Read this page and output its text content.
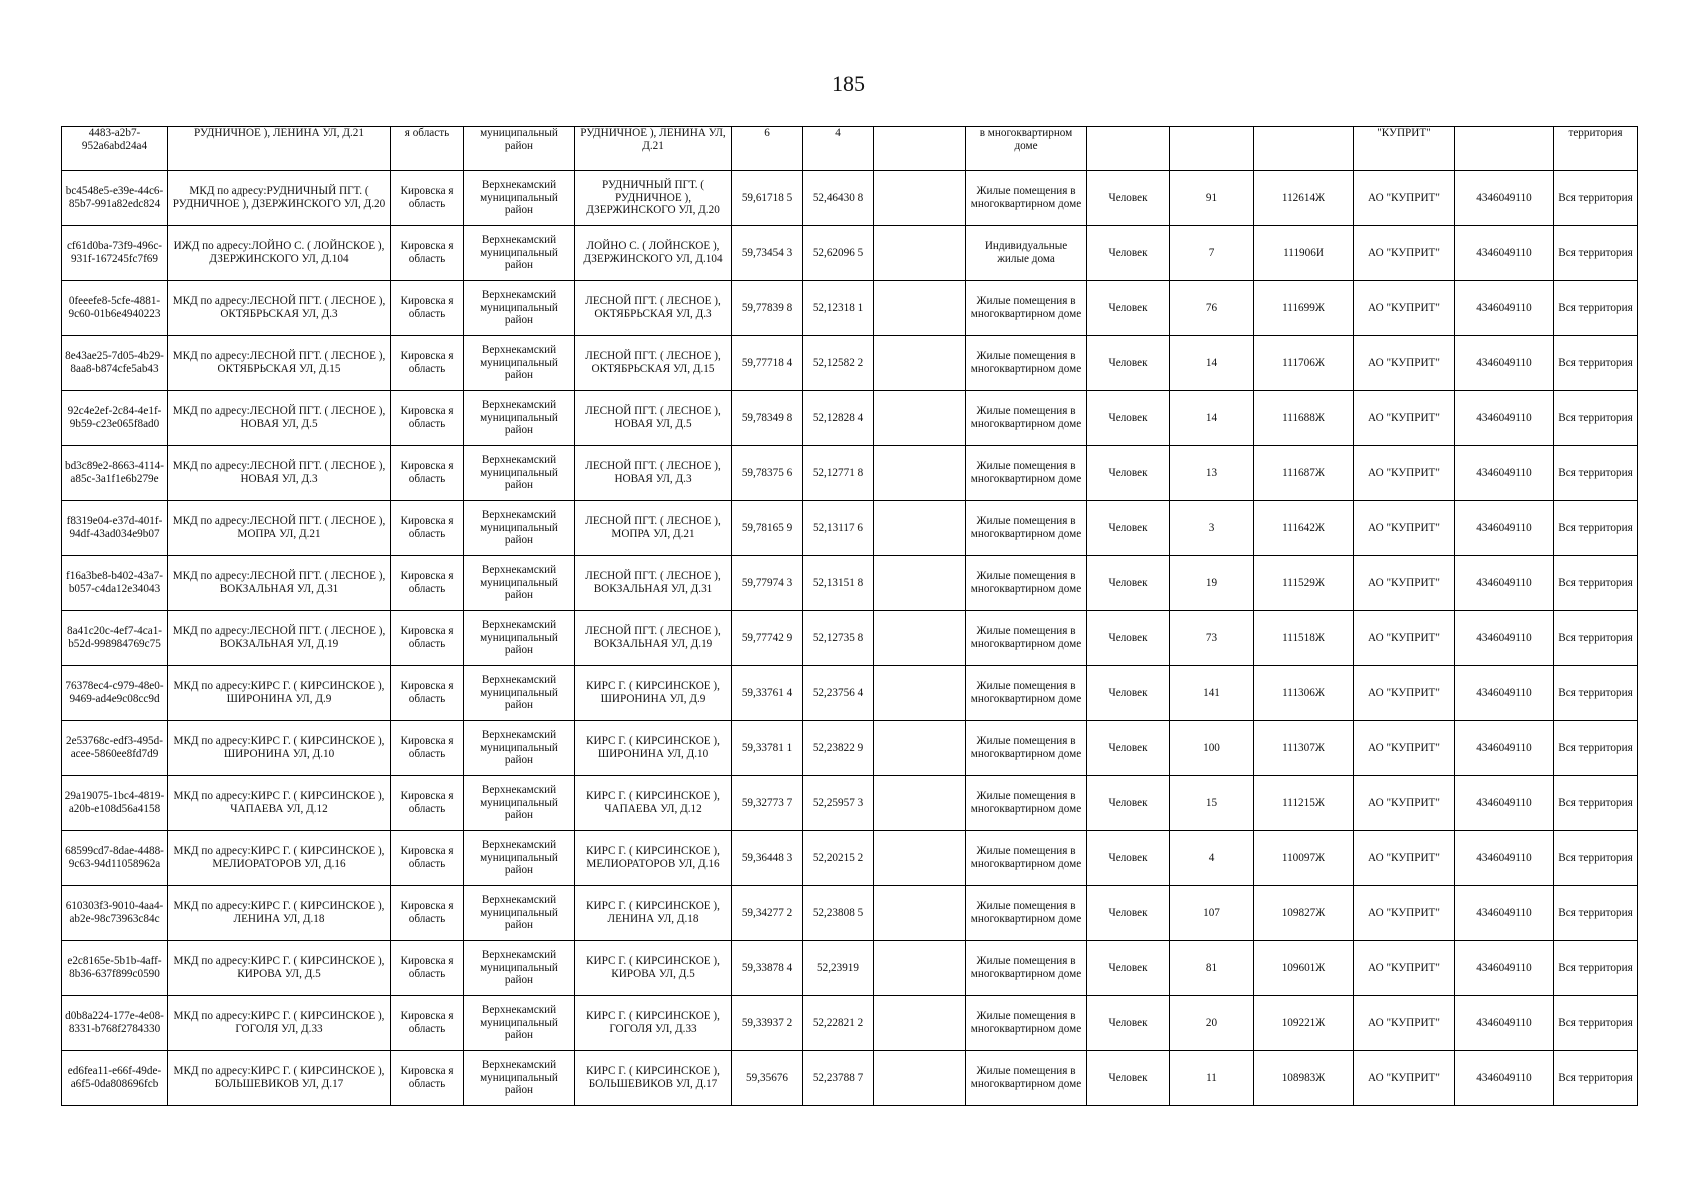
185
4483-a2b7-952a6abd24a4	РУДНИЧНОЕ ), ЛЕНИНА УЛ, Д.21	я область	муниципальный район	РУДНИЧНОЕ ), ЛЕНИНА УЛ, Д.21	6	4		в многоквартирном доме				"КУПРИТ"		территория
bc4548e5-e39e-44c6-85b7-991a82edc824	МКД по адресу:РУДНИЧНЫЙ ПГТ. ( РУДНИЧНОЕ ), ДЗЕРЖИНСКОГО УЛ, Д.20	Кировска я область	Верхнекамский муниципальный район	РУДНИЧНЫЙ ПГТ. ( РУДНИЧНОЕ ), ДЗЕРЖИНСКОГО УЛ, Д.20	59,61718 5	52,46430 8		Жилые помещения в многоквартирном доме	Человек	91	112614Ж	АО "КУПРИТ"	4346049110	Вся территория
cf61d0ba-73f9-496c-931f-167245fc7f69	ИЖД по адресу:ЛОЙНО С. ( ЛОЙНСКОЕ ), ДЗЕРЖИНСКОГО УЛ, Д.104	Кировска я область	Верхнекамский муниципальный район	ЛОЙНО С. ( ЛОЙНСКОЕ ), ДЗЕРЖИНСКОГО УЛ, Д.104	59,73454 3	52,62096 5		Индивидуальные жилые дома	Человек	7	111906И	АО "КУПРИТ"	4346049110	Вся территория
0feeefe8-5cfe-4881-9c60-01b6e4940223	МКД по адресу:ЛЕСНОЙ ПГТ. ( ЛЕСНОЕ ), ОКТЯБРЬСКАЯ УЛ, Д.3	Кировска я область	Верхнекамский муниципальный район	ЛЕСНОЙ ПГТ. ( ЛЕСНОЕ ), ОКТЯБРЬСКАЯ УЛ, Д.3	59,77839 8	52,12318 1		Жилые помещения в многоквартирном доме	Человек	76	111699Ж	АО "КУПРИТ"	4346049110	Вся территория
8e43ae25-7d05-4b29-8aa8-b874cfe5ab43	МКД по адресу:ЛЕСНОЙ ПГТ. ( ЛЕСНОЕ ), ОКТЯБРЬСКАЯ УЛ, Д.15	Кировска я область	Верхнекамский муниципальный район	ЛЕСНОЙ ПГТ. ( ЛЕСНОЕ ), ОКТЯБРЬСКАЯ УЛ, Д.15	59,77718 4	52,12582 2		Жилые помещения в многоквартирном доме	Человек	14	111706Ж	АО "КУПРИТ"	4346049110	Вся территория
92c4e2ef-2c84-4e1f-9b59-c23e065f8ad0	МКД по адресу:ЛЕСНОЙ ПГТ. ( ЛЕСНОЕ ), НОВАЯ УЛ, Д.5	Кировска я область	Верхнекамский муниципальный район	ЛЕСНОЙ ПГТ. ( ЛЕСНОЕ ), НОВАЯ УЛ, Д.5	59,78349 8	52,12828 4		Жилые помещения в многоквартирном доме	Человек	14	111688Ж	АО "КУПРИТ"	4346049110	Вся территория
bd3c89e2-8663-4114-a85c-3a1f1e6b279e	МКД по адресу:ЛЕСНОЙ ПГТ. ( ЛЕСНОЕ ), НОВАЯ УЛ, Д.3	Кировска я область	Верхнекамский муниципальный район	ЛЕСНОЙ ПГТ. ( ЛЕСНОЕ ), НОВАЯ УЛ, Д.3	59,78375 6	52,12771 8		Жилые помещения в многоквартирном доме	Человек	13	111687Ж	АО "КУПРИТ"	4346049110	Вся территория
f8319e04-e37d-401f-94df-43ad034e9b07	МКД по адресу:ЛЕСНОЙ ПГТ. ( ЛЕСНОЕ ), МОПРА УЛ, Д.21	Кировска я область	Верхнекамский муниципальный район	ЛЕСНОЙ ПГТ. ( ЛЕСНОЕ ), МОПРА УЛ, Д.21	59,78165 9	52,13117 6		Жилые помещения в многоквартирном доме	Человек	3	111642Ж	АО "КУПРИТ"	4346049110	Вся территория
f16a3be8-b402-43a7-b057-c4da12e34043	МКД по адресу:ЛЕСНОЙ ПГТ. ( ЛЕСНОЕ ), ВОКЗАЛЬНАЯ УЛ, Д.31	Кировска я область	Верхнекамский муниципальный район	ЛЕСНОЙ ПГТ. ( ЛЕСНОЕ ), ВОКЗАЛЬНАЯ УЛ, Д.31	59,77974 3	52,13151 8		Жилые помещения в многоквартирном доме	Человек	19	111529Ж	АО "КУПРИТ"	4346049110	Вся территория
8a41c20c-4ef7-4ca1-b52d-998984769c75	МКД по адресу:ЛЕСНОЙ ПГТ. ( ЛЕСНОЕ ), ВОКЗАЛЬНАЯ УЛ, Д.19	Кировска я область	Верхнекамский муниципальный район	ЛЕСНОЙ ПГТ. ( ЛЕСНОЕ ), ВОКЗАЛЬНАЯ УЛ, Д.19	59,77742 9	52,12735 8		Жилые помещения в многоквартирном доме	Человек	73	111518Ж	АО "КУПРИТ"	4346049110	Вся территория
76378ec4-c979-48e0-9469-ad4e9c08cc9d	МКД по адресу:КИРС Г. ( КИРСИНСКОЕ ), ШИРОНИНА УЛ, Д.9	Кировска я область	Верхнекамский муниципальный район	КИРС Г. ( КИРСИНСКОЕ ), ШИРОНИНА УЛ, Д.9	59,33761 4	52,23756 4		Жилые помещения в многоквартирном доме	Человек	141	111306Ж	АО "КУПРИТ"	4346049110	Вся территория
2e53768c-edf3-495d-acee-5860ee8fd7d9	МКД по адресу:КИРС Г. ( КИРСИНСКОЕ ), ШИРОНИНА УЛ, Д.10	Кировска я область	Верхнекамский муниципальный район	КИРС Г. ( КИРСИНСКОЕ ), ШИРОНИНА УЛ, Д.10	59,33781 1	52,23822 9		Жилые помещения в многоквартирном доме	Человек	100	111307Ж	АО "КУПРИТ"	4346049110	Вся территория
29a19075-1bc4-4819-a20b-e108d56a4158	МКД по адресу:КИРС Г. ( КИРСИНСКОЕ ), ЧАПАЕВА УЛ, Д.12	Кировска я область	Верхнекамский муниципальный район	КИРС Г. ( КИРСИНСКОЕ ), ЧАПАЕВА УЛ, Д.12	59,32773 7	52,25957 3		Жилые помещения в многоквартирном доме	Человек	15	111215Ж	АО "КУПРИТ"	4346049110	Вся территория
68599cd7-8dae-4488-9c63-94d11058962a	МКД по адресу:КИРС Г. ( КИРСИНСКОЕ ), МЕЛИОРАТОРОВ УЛ, Д.16	Кировска я область	Верхнекамский муниципальный район	КИРС Г. ( КИРСИНСКОЕ ), МЕЛИОРАТОРОВ УЛ, Д.16	59,36448 3	52,20215 2		Жилые помещения в многоквартирном доме	Человек	4	110097Ж	АО "КУПРИТ"	4346049110	Вся территория
610303f3-9010-4aa4-ab2e-98c73963c84c	МКД по адресу:КИРС Г. ( КИРСИНСКОЕ ), ЛЕНИНА УЛ, Д.18	Кировска я область	Верхнекамский муниципальный район	КИРС Г. ( КИРСИНСКОЕ ), ЛЕНИНА УЛ, Д.18	59,34277 2	52,23808 5		Жилые помещения в многоквартирном доме	Человек	107	109827Ж	АО "КУПРИТ"	4346049110	Вся территория
e2c8165e-5b1b-4aff-8b36-637f899c0590	МКД по адресу:КИРС Г. ( КИРСИНСКОЕ ), КИРОВА УЛ, Д.5	Кировска я область	Верхнекамский муниципальный район	КИРС Г. ( КИРСИНСКОЕ ), КИРОВА УЛ, Д.5	59,33878 4	52,23919		Жилые помещения в многоквартирном доме	Человек	81	109601Ж	АО "КУПРИТ"	4346049110	Вся территория
d0b8a224-177e-4e08-8331-b768f2784330	МКД по адресу:КИРС Г. ( КИРСИНСКОЕ ), ГОГОЛЯ УЛ, Д.33	Кировска я область	Верхнекамский муниципальный район	КИРС Г. ( КИРСИНСКОЕ ), ГОГОЛЯ УЛ, Д.33	59,33937 2	52,22821 2		Жилые помещения в многоквартирном доме	Человек	20	109221Ж	АО "КУПРИТ"	4346049110	Вся территория
ed6fea11-e66f-49de-a6f5-0da808696fcb	МКД по адресу:КИРС Г. ( КИРСИНСКОЕ ), БОЛЬШЕВИКОВ УЛ, Д.17	Кировска я область	Верхнекамский муниципальный район	КИРС Г. ( КИРСИНСКОЕ ), БОЛЬШЕВИКОВ УЛ, Д.17	59,35676	52,23788 7		Жилые помещения в многоквартирном доме	Человек	11	108983Ж	АО "КУПРИТ"	4346049110	Вся территория
